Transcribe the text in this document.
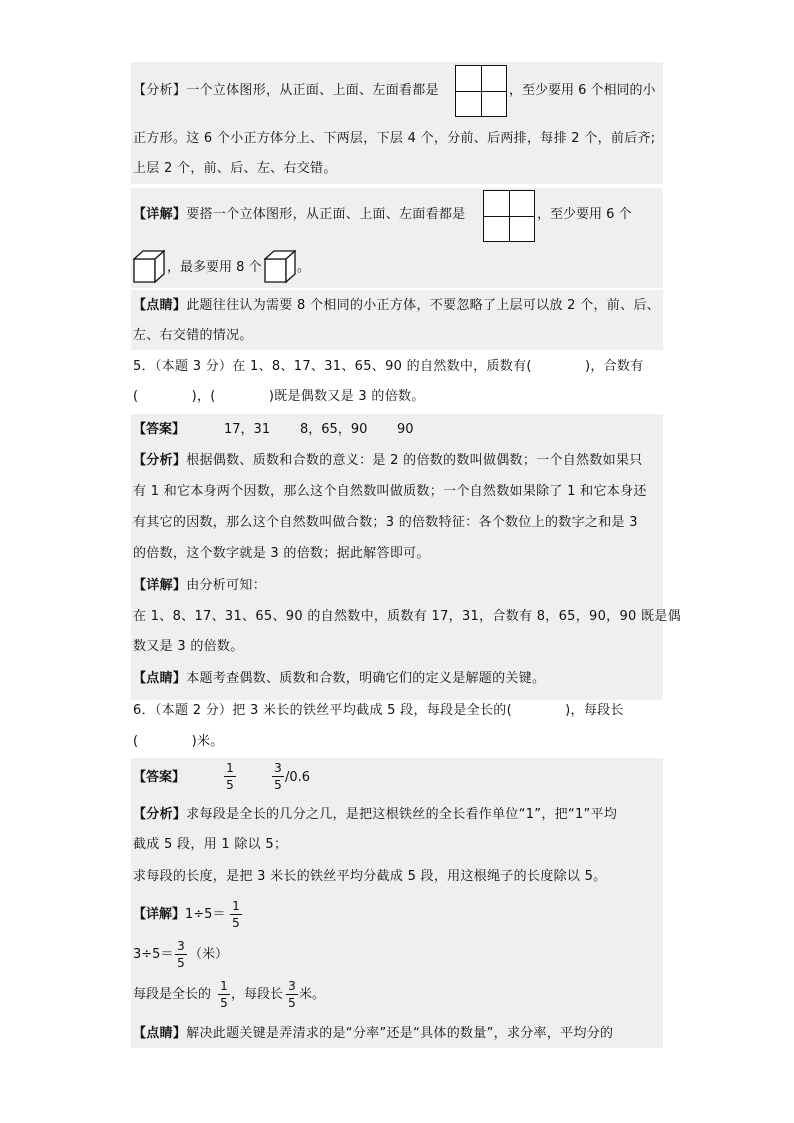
【分析】一个立体图形，从正面、上面、左面看都是	，至少要用 6 个相同的小
正方形。这 6 个小正方体分上、下两层，下层 4 个，分前、后两排，每排 2 个，前后齐;
上层 2 个，前、后、左、右交错。
【详解】要搭一个立体图形，从正面、上面、左面看都是	，至少要用 6 个
，最多要用 8 个	。
【点睛】此题往往认为需要 8 个相同的小正方体，不要忽略了上层可以放 2 个，前、后、
左、右交错的情况。
5．（本题 3 分）在 1、8、17、31、65、90 的自然数中，质数有(　　　　)，合数有
(　　　　)，(　　　　)既是偶数又是 3 的倍数。
【答案】	17，31 8，65，90 90
【分析】根据偶数、质数和合数的意义：是 2 的倍数的数叫做偶数；一个自然数如果只
有 1 和它本身两个因数，那么这个自然数叫做质数；一个自然数如果除了 1 和它本身还
有其它的因数，那么这个自然数叫做合数；3 的倍数特征：各个数位上的数字之和是 3
的倍数，这个数字就是 3 的倍数；据此解答即可。
【详解】由分析可知：
在 1、8、17、31、65、90 的自然数中，质数有 17，31，合数有 8，65，90，90 既是偶
数又是 3 的倍数。
【点睛】本题考查偶数、质数和合数，明确它们的定义是解题的关键。
6．（本题 2 分）把 3 米长的铁丝平均截成 5 段，每段是全长的(　　　　)，每段长
(　　　　)米。
【答案】
1
5
3
5 /0.6
【分析】求每段是全长的几分之几，是把这根铁丝的全长看作单位“1”，把“1”平均
截成 5 段，用 1 除以 5；
求每段的长度，是把 3 米长的铁丝平均分截成 5 段，用这根绳子的长度除以 5。
【详解】1÷5＝
1
5
3÷5＝
3
5
（米）
每段是全长的
1
5
，每段长
3
5
米。
【点睛】解决此题关键是弄清求的是“分率”还是“具体的数量”，求分率，平均分的
